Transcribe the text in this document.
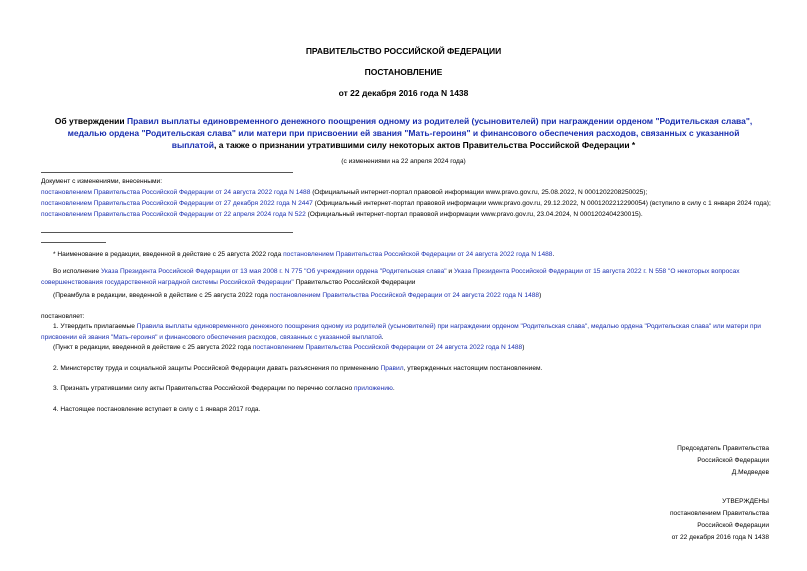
ПРАВИТЕЛЬСТВО РОССИЙСКОЙ ФЕДЕРАЦИИ
ПОСТАНОВЛЕНИЕ
от 22 декабря 2016 года N 1438
Об утверждении Правил выплаты единовременного денежного поощрения одному из родителей (усыновителей) при награждении орденом "Родительская слава", медалью ордена "Родительская слава" или матери при присвоении ей звания "Мать-героиня" и финансового обеспечения расходов, связанных с указанной выплатой, а также о признании утратившими силу некоторых актов Правительства Российской Федерации *
(с изменениями на 22 апреля 2024 года)
Документ с изменениями, внесенными:
постановлением Правительства Российской Федерации от 24 августа 2022 года N 1488 (Официальный интернет-портал правовой информации www.pravo.gov.ru, 25.08.2022, N 0001202208250025);
постановлением Правительства Российской Федерации от 27 декабря 2022 года N 2447 (Официальный интернет-портал правовой информации www.pravo.gov.ru, 29.12.2022, N 0001202212290054) (вступило в силу с 1 января 2024 года);
постановлением Правительства Российской Федерации от 22 апреля 2024 года N 522 (Официальный интернет-портал правовой информации www.pravo.gov.ru, 23.04.2024, N 0001202404230015).
* Наименование в редакции, введенной в действие с 25 августа 2022 года постановлением Правительства Российской Федерации от 24 августа 2022 года N 1488.
Во исполнение Указа Президента Российской Федерации от 13 мая 2008 г. N 775 "Об учреждении ордена "Родительская слава" и Указа Президента Российской Федерации от 15 августа 2022 г. N 558 "О некоторых вопросах совершенствования государственной наградной системы Российской Федерации" Правительство Российской Федерации
(Преамбула в редакции, введенной в действие с 25 августа 2022 года постановлением Правительства Российской Федерации от 24 августа 2022 года N 1488)
постановляет:
1. Утвердить прилагаемые Правила выплаты единовременного денежного поощрения одному из родителей (усыновителей) при награждении орденом "Родительская слава", медалью ордена "Родительская слава" или матери при присвоении ей звания "Мать-героиня" и финансового обеспечения расходов, связанных с указанной выплатой.
(Пункт в редакции, введенной в действие с 25 августа 2022 года постановлением Правительства Российской Федерации от 24 августа 2022 года N 1488)
2. Министерству труда и социальной защиты Российской Федерации давать разъяснения по применению Правил, утвержденных настоящим постановлением.
3. Признать утратившими силу акты Правительства Российской Федерации по перечню согласно приложению.
4. Настоящее постановление вступает в силу с 1 января 2017 года.
Председатель Правительства
Российской Федерации
Д.Медведев
УТВЕРЖДЕНЫ
постановлением Правительства
Российской Федерации
от 22 декабря 2016 года N 1438
